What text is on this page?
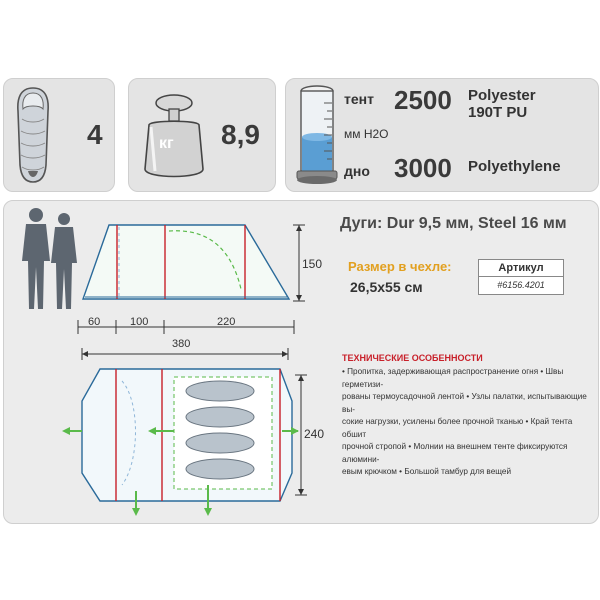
4	кг 8,9
тент 2500 Polyester
190T PU
мм H2O
дно 3000 Polyethylene
150
60	100	220
380
240
Дуги: Dur 9,5 мм, Steel 16 мм
Размер в чехле:
26,5х55 см
Артикул
#6156.4201

ТЕХНИЧЕСКИЕ ОСОБЕННОСТИ

• Пропитка, задерживающая распространение огня • Швы герметизи-

рованы термоусадочной лентой • Узлы палатки, испытывающие вы-

сокие нагрузки, усилены более прочной тканью • Край тента обшит

прочной стропой • Молнии на внешнем тенте фиксируются алюмини-

евым крючком • Большой тамбур для вещей
